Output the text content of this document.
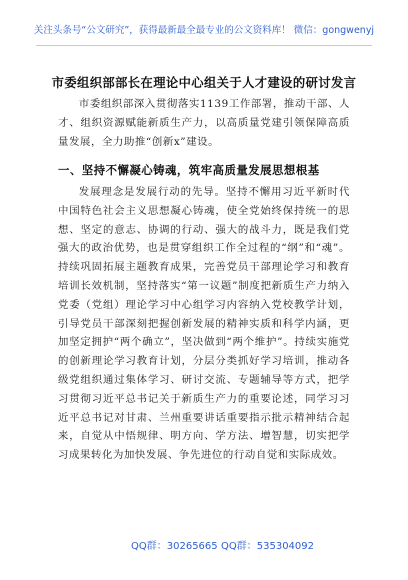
关注头条号“公文研究”，获得最新最全最专业的公文资料库！ 微信：gongwenyj
市委组织部部长在理论中心组关于人才建设的研讨发言

市委组织部深入贯彻落实1139工作部署，推动干部、人才、组织资源赋能新质生产力，以高质量党建引领保障高质量发展，全力助推“创新x”建设。

一、坚持不懈凝心铸魂，筑牢高质量发展思想根基

发展理念是发展行动的先导。坚持不懈用习近平新时代中国特色社会主义思想凝心铸魂，使全党始终保持统一的思想、坚定的意志、协调的行动、强大的战斗力，既是我们党强大的政治优势，也是贯穿组织工作全过程的“纲”和“魂”。持续巩固拓展主题教育成果，完善党员干部理论学习和教育培训长效机制，坚持落实“第一议题”制度把新质生产力纳入党委（党组）理论学习中心组学习内容纳入党校教学计划，引导党员干部深刻把握创新发展的精神实质和科学内涵，更加坚定拥护“两个确立”，坚决做到“两个维护”。持续实施党的创新理论学习教育计划，分层分类抓好学习培训，推动各级党组织通过集体学习、研讨交流、专题辅导等方式，把学习贯彻习近平总书记关于新质生产力的重要论述，同学习习近平总书记对甘肃、兰州重要讲话重要指示批示精神结合起来，自觉从中悟规律、明方向、学方法、增智慧，切实把学习成果转化为加快发展、争先进位的行动自觉和实际成效。

QQ群：30265665 QQ群：535304092
